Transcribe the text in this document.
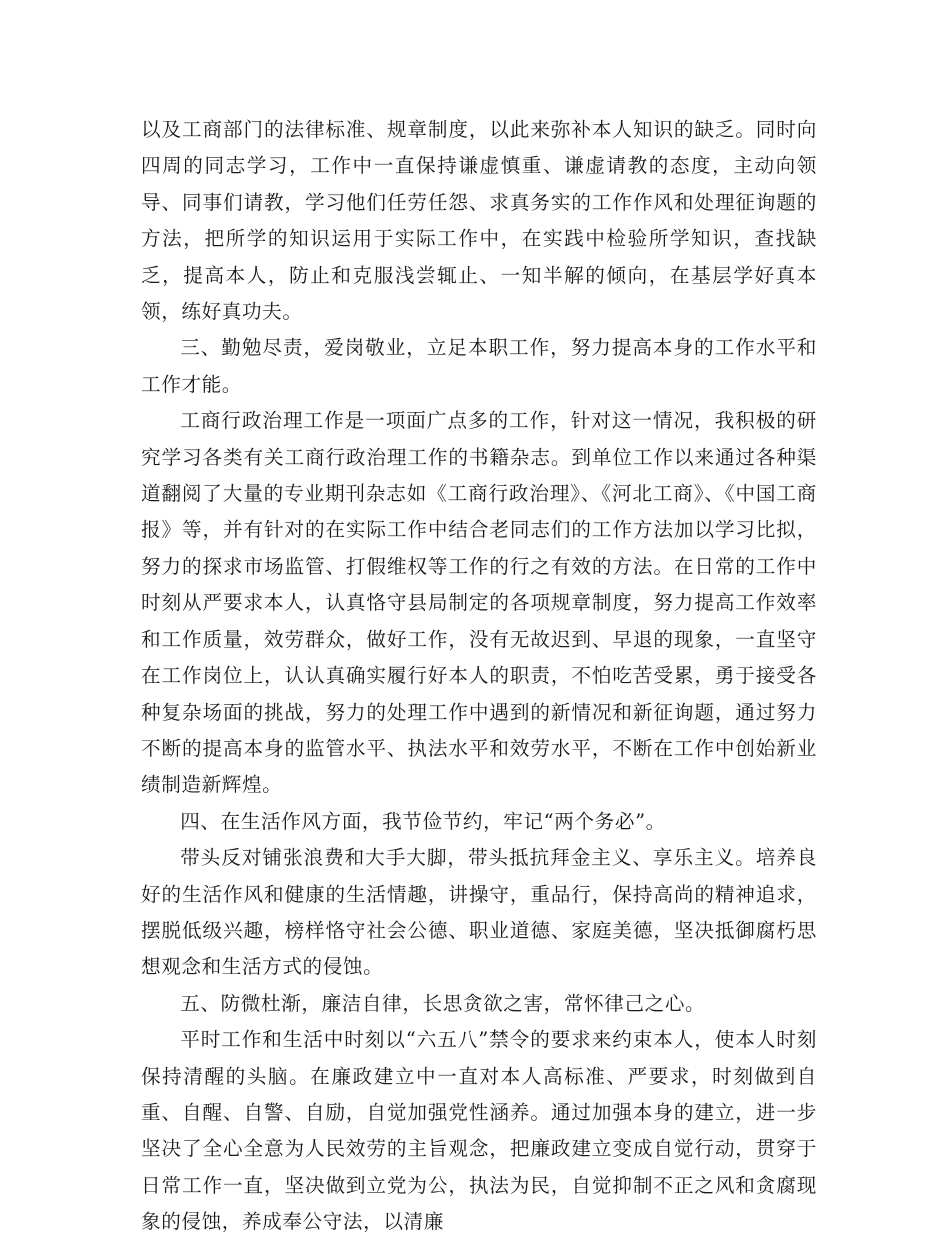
以及工商部门的法律标准、规章制度，以此来弥补本人知识的缺乏。同时向四周的同志学习，工作中一直保持谦虚慎重、谦虚请教的态度，主动向领导、同事们请教，学习他们任劳任怨、求真务实的工作作风和处理征询题的方法，把所学的知识运用于实际工作中，在实践中检验所学知识，查找缺乏，提高本人，防止和克服浅尝辄止、一知半解的倾向，在基层学好真本领，练好真功夫。

三、勤勉尽责，爱岗敬业，立足本职工作，努力提高本身的工作水平和工作才能。

工商行政治理工作是一项面广点多的工作，针对这一情况，我积极的研究学习各类有关工商行政治理工作的书籍杂志。到单位工作以来通过各种渠道翻阅了大量的专业期刊杂志如《工商行政治理》、《河北工商》、《中国工商报》等，并有针对的在实际工作中结合老同志们的工作方法加以学习比拟，努力的探求市场监管、打假维权等工作的行之有效的方法。在日常的工作中时刻从严要求本人，认真恪守县局制定的各项规章制度，努力提高工作效率和工作质量，效劳群众，做好工作，没有无故迟到、早退的现象，一直坚守在工作岗位上，认认真确实履行好本人的职责，不怕吃苦受累，勇于接受各种复杂场面的挑战，努力的处理工作中遇到的新情况和新征询题，通过努力不断的提高本身的监管水平、执法水平和效劳水平，不断在工作中创始新业绩制造新辉煌。

四、在生活作风方面，我节俭节约，牢记“两个务必”。

带头反对铺张浪费和大手大脚，带头抵抗拜金主义、享乐主义。培养良好的生活作风和健康的生活情趣，讲操守，重品行，保持高尚的精神追求，摆脱低级兴趣，榜样恪守社会公德、职业道德、家庭美德，坚决抵御腐朽思想观念和生活方式的侵蚀。

五、防微杜渐，廉洁自律，长思贪欲之害，常怀律己之心。

平时工作和生活中时刻以“六五八”禁令的要求来约束本人，使本人时刻保持清醒的头脑。在廉政建立中一直对本人高标准、严要求，时刻做到自重、自醒、自警、自励，自觉加强党性涵养。通过加强本身的建立，进一步坚决了全心全意为人民效劳的主旨观念，把廉政建立变成自觉行动，贯穿于日常工作一直，坚决做到立党为公，执法为民，自觉抑制不正之风和贪腐现象的侵蚀，养成奉公守法，以清廉
